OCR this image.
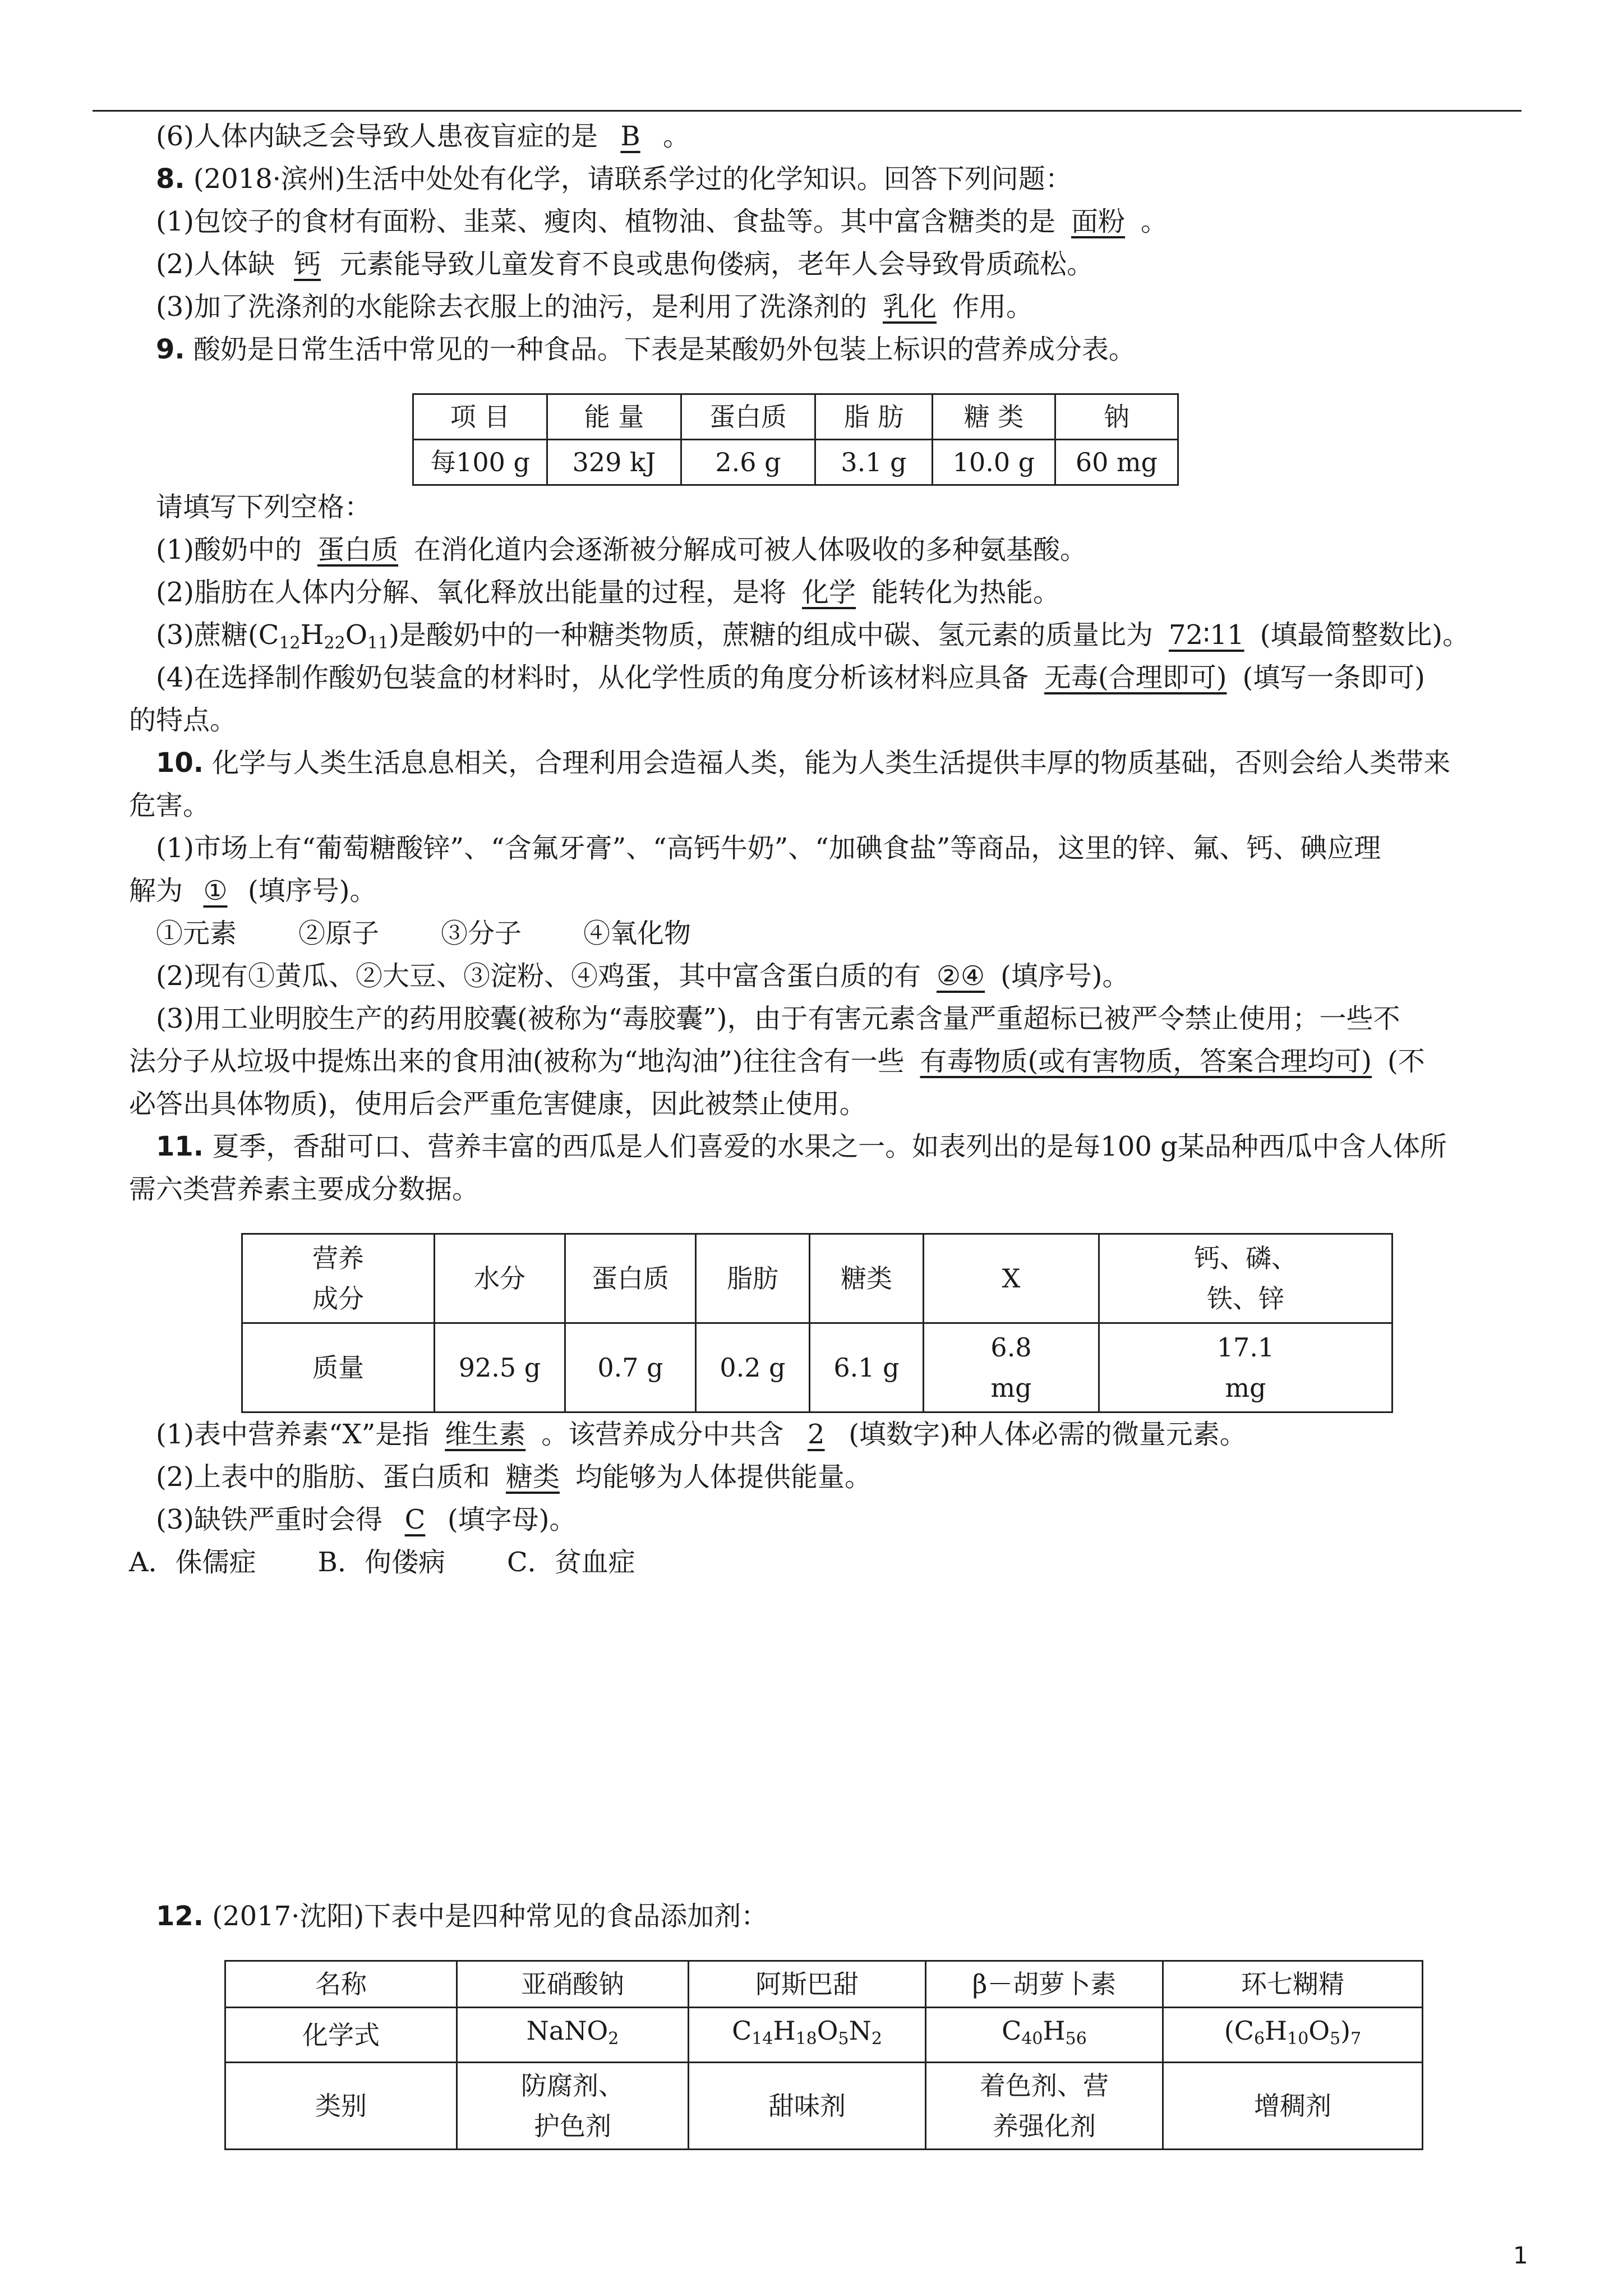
(6)人体内缺乏会导致人患夜盲症的是 B 。
8. (2018·滨州)生活中处处有化学，请联系学过的化学知识。回答下列问题：
(1)包饺子的食材有面粉、韭菜、瘦肉、植物油、食盐等。其中富含糖类的是 面粉 。
(2)人体缺 钙 元素能导致儿童发育不良或患佝偻病，老年人会导致骨质疏松。
(3)加了洗涤剂的水能除去衣服上的油污，是利用了洗涤剂的 乳化 作用。
9. 酸奶是日常生活中常见的一种食品。下表是某酸奶外包装上标识的营养成分表。
项 目	能 量	蛋白质	脂 肪	糖 类	钠
每100 g	329 kJ	2.6 g	3.1 g	10.0 g	60 mg
请填写下列空格：
(1)酸奶中的 蛋白质 在消化道内会逐渐被分解成可被人体吸收的多种氨基酸。
(2)脂肪在人体内分解、氧化释放出能量的过程，是将 化学 能转化为热能。
(3)蔗糖$(C_{12}H_{22}O_{11})$是酸奶中的一种糖类物质，蔗糖的组成中碳、氢元素的质量比为 72∶11 (填最简整数比)。
(4)在选择制作酸奶包装盒的材料时，从化学性质的角度分析该材料应具备 无毒(合理即可) (填写一条即可)
的特点。
10. 化学与人类生活息息相关，合理利用会造福人类，能为人类生活提供丰厚的物质基础，否则会给人类带来
危害。
(1)市场上有“葡萄糖酸锌”、“含氟牙膏”、“高钙牛奶”、“加碘食盐”等商品，这里的锌、氟、钙、碘应理
解为 ① (填序号)。
①元素 ②原子 ③分子 ④氧化物
(2)现有①黄瓜、②大豆、③淀粉、④鸡蛋，其中富含蛋白质的有 ②④ (填序号)。
(3)用工业明胶生产的药用胶囊(被称为“毒胶囊”)，由于有害元素含量严重超标已被严令禁止使用；一些不
法分子从垃圾中提炼出来的食用油(被称为“地沟油”)往往含有一些 有毒物质(或有害物质，答案合理均可) (不
必答出具体物质)，使用后会严重危害健康，因此被禁止使用。
11. 夏季，香甜可口、营养丰富的西瓜是人们喜爱的水果之一。如表列出的是每100 g某品种西瓜中含人体所
需六类营养素主要成分数据。
营养
成分	水分	蛋白质	脂肪	糖类	X	钙、磷、
铁、锌
质量	92.5 g	0.7 g	0.2 g	6.1 g	6.8
mg	17.1
mg
(1)表中营养素“X”是指 维生素 。该营养成分中共含 2 (填数字)种人体必需的微量元素。
(2)上表中的脂肪、蛋白质和 糖类 均能够为人体提供能量。
(3)缺铁严重时会得 C (填字母)。
A．侏儒症 B．佝偻病 C．贫血症
12. (2017·沈阳)下表中是四种常见的食品添加剂：
名称	亚硝酸钠	阿斯巴甜	β－胡萝卜素	环七糊精
化学式	NaNO$_2$	$C_{14}H_{18}O_5N_2$	$C_{40}H_{56}$	$(C_6H_{10}O_5)_7$
类别	防腐剂、
护色剂	甜味剂	着色剂、营
养强化剂	增稠剂
1
